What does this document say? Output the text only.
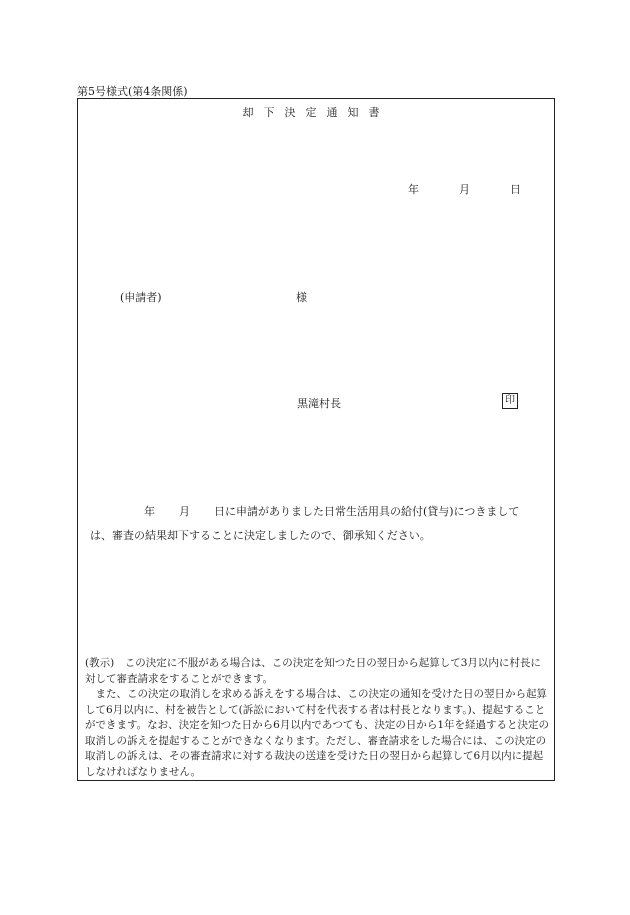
第5号様式(第4条関係)
却下決定通知書
年	月	日
(申請者)	様
黒滝村長	印
年 月 日に申請がありました日常生活用具の給付(貸与)につきまして
は、審査の結果却下することに決定しましたので、御承知ください。

(教示)　この決定に不服がある場合は、この決定を知つた日の翌日から起算して3月以内に村長に対して審査請求をすることができます。

また、この決定の取消しを求める訴えをする場合は、この決定の通知を受けた日の翌日から起算して6月以内に、村を被告として(訴訟において村を代表する者は村長となります。)、提起することができます。なお、決定を知つた日から6月以内であつても、決定の日から1年を経過すると決定の取消しの訴えを提起することができなくなります。ただし、審査請求をした場合には、この決定の取消しの訴えは、その審査請求に対する裁決の送達を受けた日の翌日から起算して6月以内に提起しなければなりません。
